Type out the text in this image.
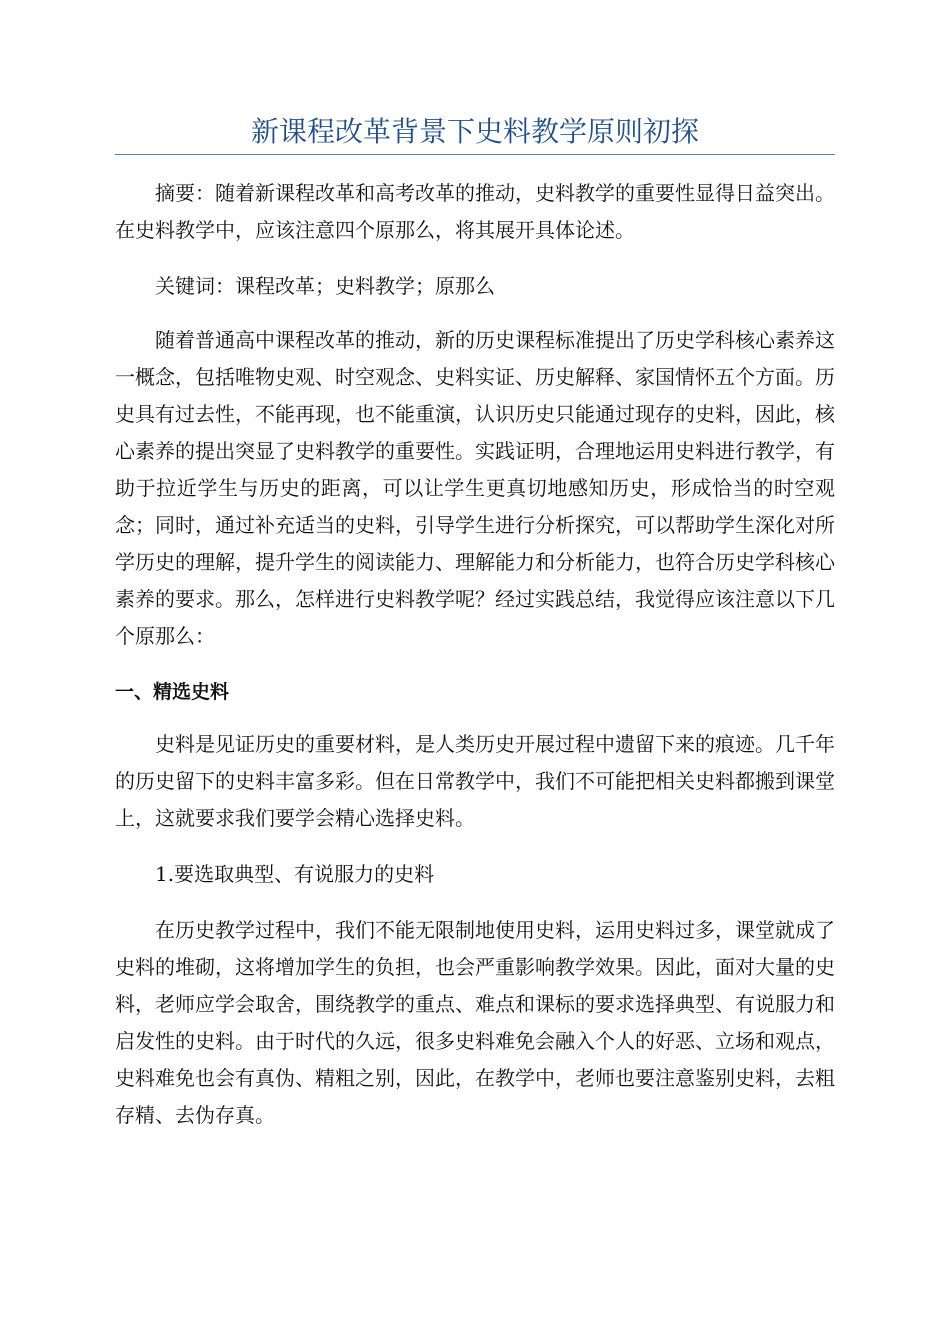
新课程改革背景下史料教学原则初探

摘要：随着新课程改革和高考改革的推动，史料教学的重要性显得日益突出。在史料教学中，应该注意四个原那么，将其展开具体论述。

关键词：课程改革；史料教学；原那么

随着普通高中课程改革的推动，新的历史课程标准提出了历史学科核心素养这一概念，包括唯物史观、时空观念、史料实证、历史解释、家国情怀五个方面。历史具有过去性，不能再现，也不能重演，认识历史只能通过现存的史料，因此，核心素养的提出突显了史料教学的重要性。实践证明，合理地运用史料进行教学，有助于拉近学生与历史的距离，可以让学生更真切地感知历史，形成恰当的时空观念；同时，通过补充适当的史料，引导学生进行分析探究，可以帮助学生深化对所学历史的理解，提升学生的阅读能力、理解能力和分析能力，也符合历史学科核心素养的要求。那么，怎样进行史料教学呢？经过实践总结，我觉得应该注意以下几个原那么：

一、精选史料

史料是见证历史的重要材料，是人类历史开展过程中遗留下来的痕迹。几千年的历史留下的史料丰富多彩。但在日常教学中，我们不可能把相关史料都搬到课堂上，这就要求我们要学会精心选择史料。

1.要选取典型、有说服力的史料

在历史教学过程中，我们不能无限制地使用史料，运用史料过多，课堂就成了史料的堆砌，这将增加学生的负担，也会严重影响教学效果。因此，面对大量的史料，老师应学会取舍，围绕教学的重点、难点和课标的要求选择典型、有说服力和启发性的史料。由于时代的久远，很多史料难免会融入个人的好恶、立场和观点，史料难免也会有真伪、精粗之别，因此，在教学中，老师也要注意鉴别史料，去粗存精、去伪存真。
